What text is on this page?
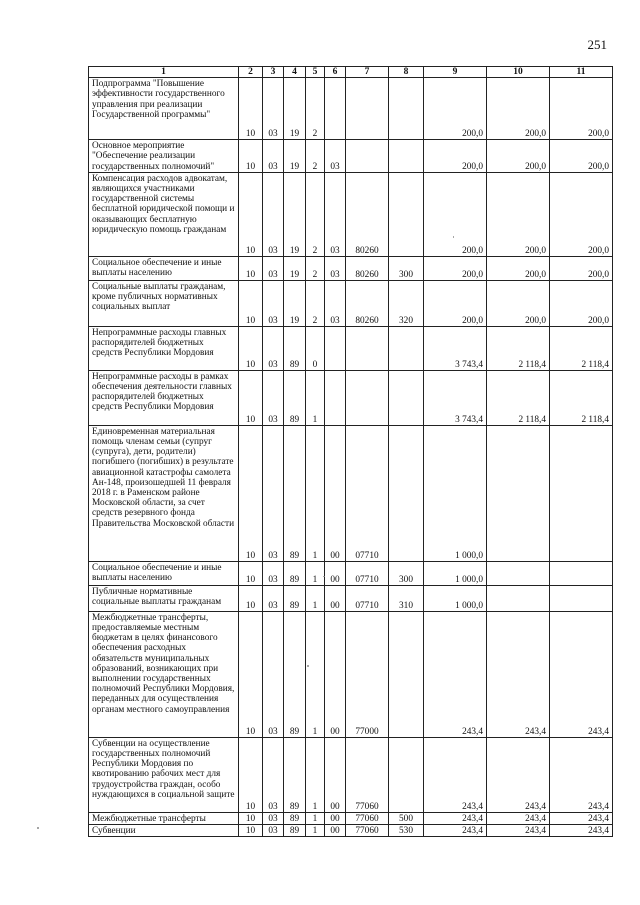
251
1	2	3	4	5	6	7	8	9	10	11
Подпрограмма "Повышение эффективности государственного управления при реализации Государственной программы"	10	03	19	2				200,0	200,0	200,0
Основное мероприятие "Обеспечение реализации государственных полномочий"	10	03	19	2	03			200,0	200,0	200,0
Компенсация расходов адвокатам, являющихся участниками государственной системы бесплатной юридической помощи и оказывающих бесплатную юридическую помощь гражданам	10	03	19	2	03	80260		200,0	200,0	200,0
Социальное обеспечение и иные выплаты населению	10	03	19	2	03	80260	300	200,0	200,0	200,0
Социальные выплаты гражданам, кроме публичных нормативных социальных выплат	10	03	19	2	03	80260	320	200,0	200,0	200,0
Непрограммные расходы главных распорядителей бюджетных средств Республики Мордовия	10	03	89	0				3 743,4	2 118,4	2 118,4
Непрограммные расходы в рамках обеспечения деятельности главных распорядителей бюджетных средств Республики Мордовия	10	03	89	1				3 743,4	2 118,4	2 118,4
Единовременная материальная помощь членам семьи (супруг (супруга), дети, родители) погибшего (погибших) в результате авиационной катастрофы самолета Ан-148, произошедшей 11 февраля 2018 г. в Раменском районе Московской области, за счет средств резервного фонда Правительства Московской области	10	03	89	1	00	07710		1 000,0		
Социальное обеспечение и иные выплаты населению	10	03	89	1	00	07710	300	1 000,0		
Публичные нормативные социальные выплаты гражданам	10	03	89	1	00	07710	310	1 000,0		
Межбюджетные трансферты, предоставляемые местным бюджетам в целях финансового обеспечения расходных обязательств муниципальных образований, возникающих при выполнении государственных полномочий Республики Мордовия, переданных для осуществления органам местного самоуправления	10	03	89	1	00	77000		243,4	243,4	243,4
Субвенции на осуществление государственных полномочий Республики Мордовия по квотированию рабочих мест для трудоустройства граждан, особо нуждающихся в социальной защите	10	03	89	1	00	77060		243,4	243,4	243,4
Межбюджетные трансферты	10	03	89	1	00	77060	500	243,4	243,4	243,4
Субвенции	10	03	89	1	00	77060	530	243,4	243,4	243,4
